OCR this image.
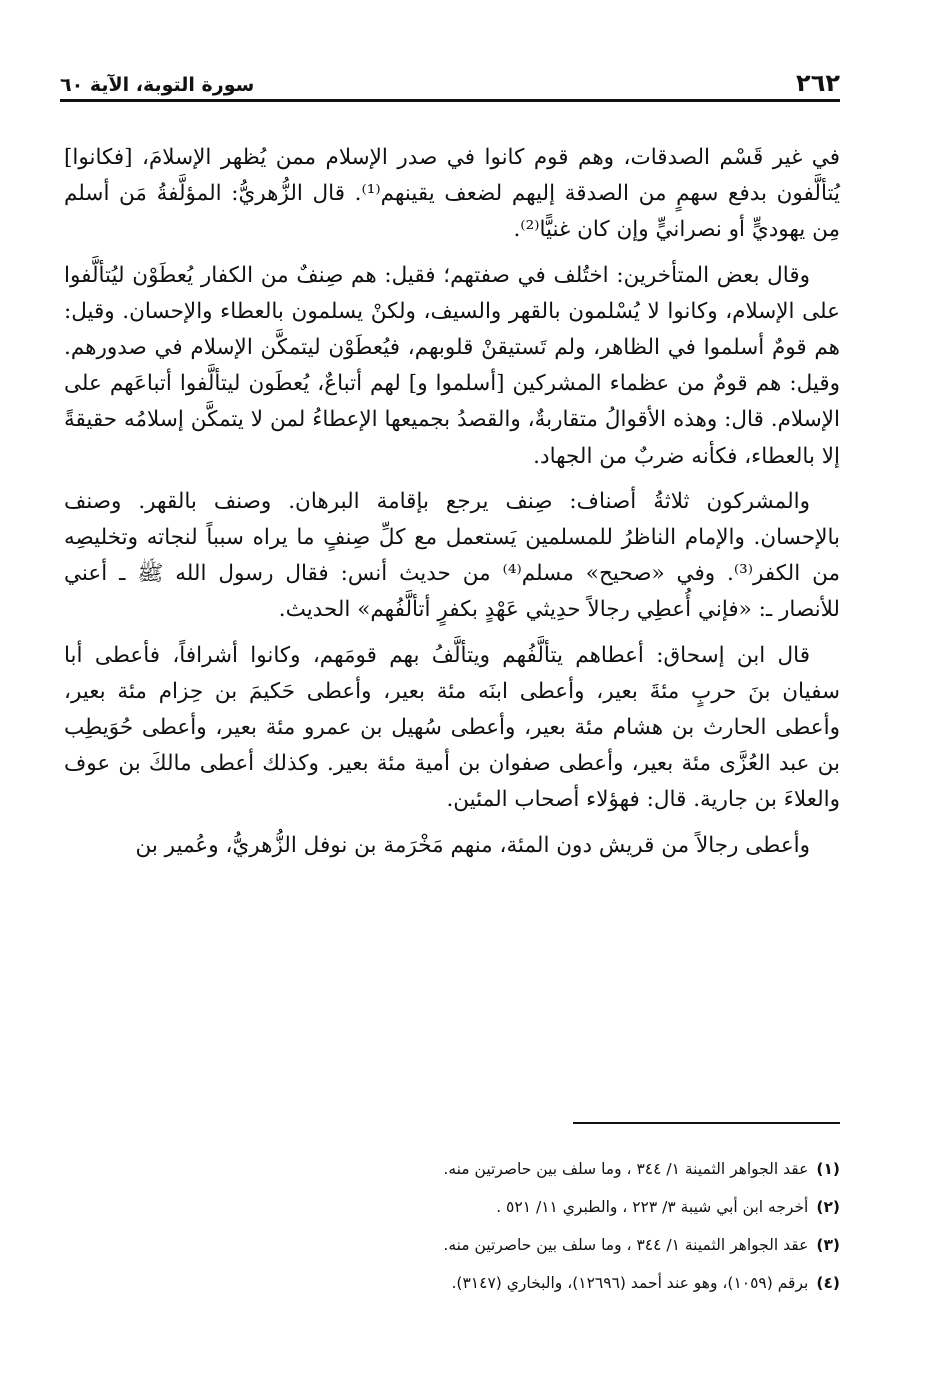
٢٦٢
سورة التوبة، الآية ٦٠

في غير قَسْم الصدقات، وهم قوم كانوا في صدر الإسلام ممن يُظهر الإسلامَ، [فكانوا] يُتألَّفون بدفع سهمٍ من الصدقة إليهم لضعف يقينهم⁽¹⁾. قال الزُّهريُّ: المؤلَّفةُ مَن أسلم مِن يهوديٍّ أو نصرانيٍّ وإن كان غنيًّا⁽²⁾.

وقال بعض المتأخرين: اختُلف في صفتهم؛ فقيل: هم صِنفٌ من الكفار يُعطَوْن ليُتألَّفوا على الإسلام، وكانوا لا يُسْلمون بالقهر والسيف، ولكنْ يسلمون بالعطاء والإحسان. وقيل: هم قومٌ أسلموا في الظاهر، ولم تَستيقنْ قلوبهم، فيُعطَوْن ليتمكَّن الإسلام في صدورهم. وقيل: هم قومٌ من عظماء المشركين [أسلموا و] لهم أتباعٌ، يُعطَون ليتألَّفوا أتباعَهم على الإسلام. قال: وهذه الأقوالُ متقاربةٌ، والقصدُ بجميعها الإعطاءُ لمن لا يتمكَّن إسلامُه حقيقةً إلا بالعطاء، فكأنه ضربٌ من الجهاد.

والمشركون ثلاثةُ أصناف: صِنف يرجع بإقامة البرهان. وصنف بالقهر. وصنف بالإحسان. والإمام الناظرُ للمسلمين يَستعمل مع كلِّ صِنفٍ ما يراه سبباً لنجاته وتخليصِه من الكفر⁽³⁾. وفي «صحيح» مسلم⁽⁴⁾ من حديث أنس: فقال رسول الله ﷺ ـ أعني للأنصار ـ: «فإني أُعطِي رجالاً حدِيثي عَهْدٍ بكفرٍ أتألَّفُهم» الحديث.

قال ابن إسحاق: أعطاهم يتألَّفُهم ويتألَّفُ بهم قومَهم، وكانوا أشرافاً، فأعطى أبا سفيان بنَ حربٍ مئةَ بعير، وأعطى ابنَه مئة بعير، وأعطى حَكيمَ بن حِزام مئة بعير، وأعطى الحارث بن هشام مئة بعير، وأعطى سُهيل بن عمرو مئة بعير، وأعطى حُوَيطِب بن عبد العُزَّى مئة بعير، وأعطى صفوان بن أمية مئة بعير. وكذلك أعطى مالكَ بن عوف والعلاءَ بن جارية. قال: فهؤلاء أصحاب المئين.

وأعطى رجالاً من قريش دون المئة، منهم مَخْرَمة بن نوفل الزُّهريُّ، وعُمير بن

(١)عقد الجواهر الثمينة ١/ ٣٤٤ ، وما سلف بين حاصرتين منه.

(٢)أخرجه ابن أبي شيبة ٣/ ٢٢٣ ، والطبري ١١/ ٥٢١ .

(٣)عقد الجواهر الثمينة ١/ ٣٤٤ ، وما سلف بين حاصرتين منه.

(٤)برقم (١٠٥٩)، وهو عند أحمد (١٢٦٩٦)، والبخاري (٣١٤٧).
